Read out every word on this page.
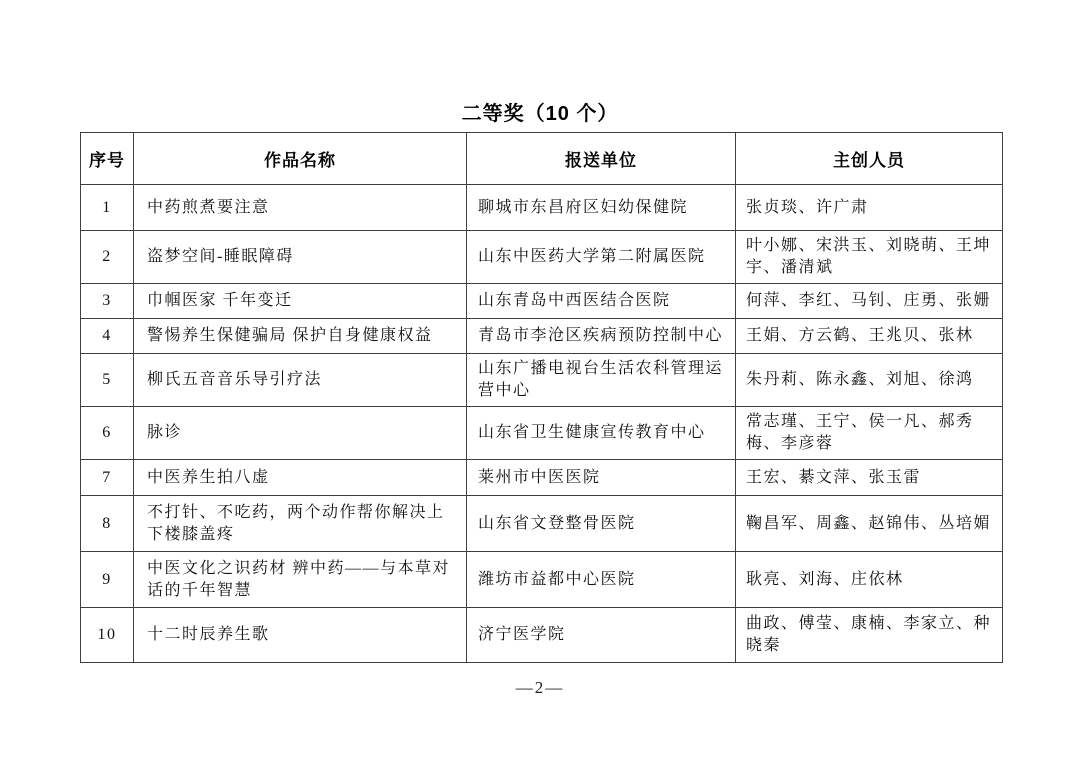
二等奖（10 个）
序号	作品名称	报送单位	主创人员
1	中药煎煮要注意	聊城市东昌府区妇幼保健院	张贞琰、许广肃
2	盗梦空间-睡眠障碍	山东中医药大学第二附属医院	叶小娜、宋洪玉、刘晓萌、王坤宇、潘清斌
3	巾帼医家 千年变迁	山东青岛中西医结合医院	何萍、李红、马钊、庄勇、张姗
4	警惕养生保健骗局 保护自身健康权益	青岛市李沧区疾病预防控制中心	王娟、方云鹤、王兆贝、张林
5	柳氏五音音乐导引疗法	山东广播电视台生活农科管理运营中心	朱丹莉、陈永鑫、刘旭、徐鸿
6	脉诊	山东省卫生健康宣传教育中心	常志瑾、王宁、侯一凡、郝秀梅、李彦蓉
7	中医养生拍八虚	莱州市中医医院	王宏、綦文萍、张玉雷
8	不打针、不吃药，两个动作帮你解决上下楼膝盖疼	山东省文登整骨医院	鞠昌军、周鑫、赵锦伟、丛培媚
9	中医文化之识药材 辨中药——与本草对话的千年智慧	潍坊市益都中心医院	耿亮、刘海、庄依林
10	十二时辰养生歌	济宁医学院	曲政、傅莹、康楠、李家立、种晓秦
—2—
